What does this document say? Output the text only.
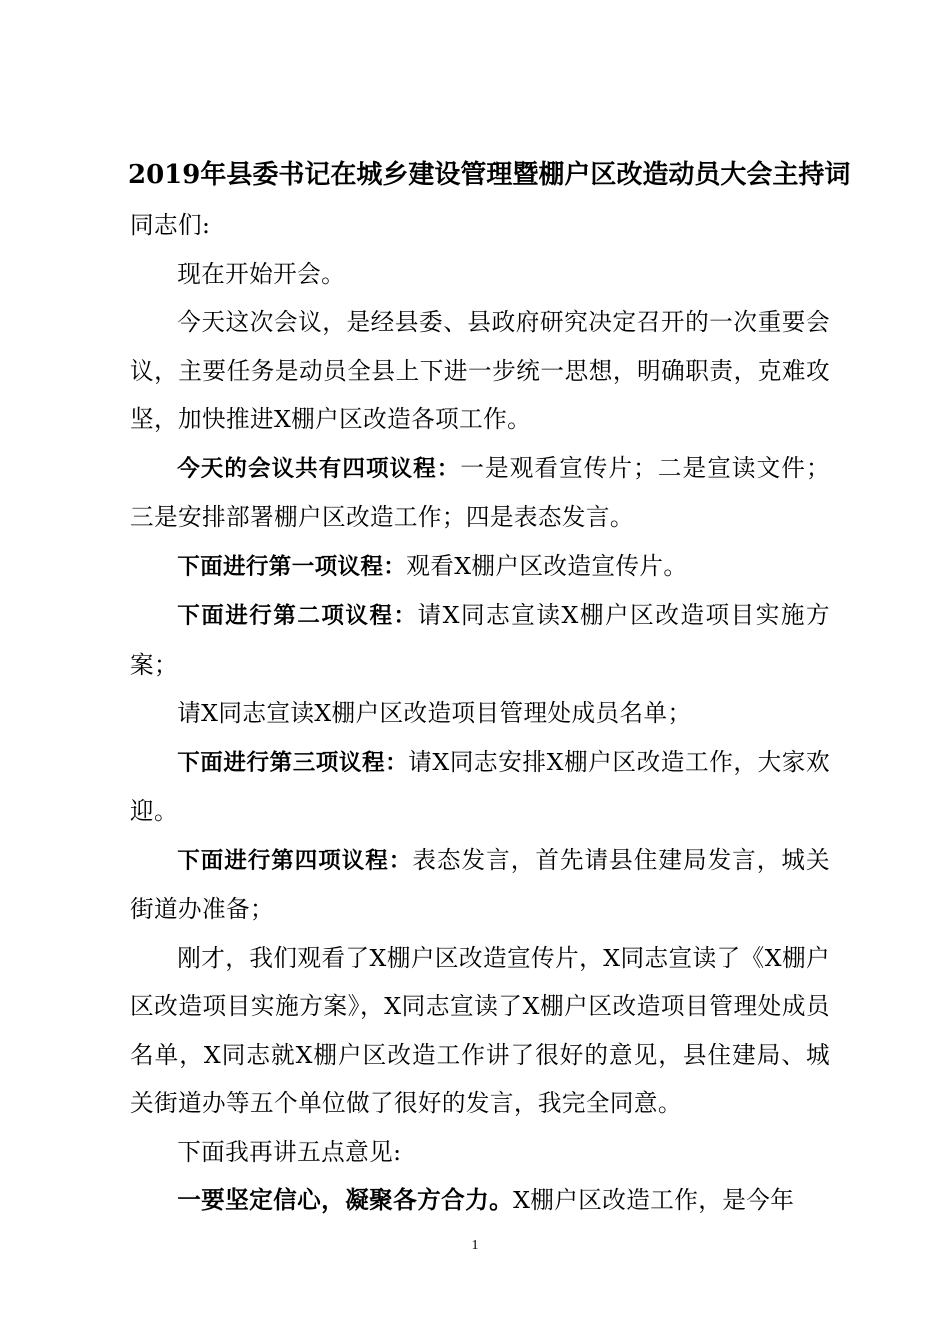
2019年县委书记在城乡建设管理暨棚户区改造动员大会主持词

同志们:

现在开始开会。

今天这次会议，是经县委、县政府研究决定召开的一次重要会议，主要任务是动员全县上下进一步统一思想，明确职责，克难攻坚，加快推进X棚户区改造各项工作。

今天的会议共有四项议程：一是观看宣传片；二是宣读文件；三是安排部署棚户区改造工作；四是表态发言。

下面进行第一项议程：观看X棚户区改造宣传片。

下面进行第二项议程：请X同志宣读X棚户区改造项目实施方案；

请X同志宣读X棚户区改造项目管理处成员名单；

下面进行第三项议程：请X同志安排X棚户区改造工作，大家欢迎。

下面进行第四项议程：表态发言，首先请县住建局发言，城关街道办准备；

刚才，我们观看了X棚户区改造宣传片，X同志宣读了《X棚户区改造项目实施方案》，X同志宣读了X棚户区改造项目管理处成员名单，X同志就X棚户区改造工作讲了很好的意见，县住建局、城关街道办等五个单位做了很好的发言，我完全同意。

下面我再讲五点意见:

一要坚定信心，凝聚各方合力。X棚户区改造工作，是今年

1
